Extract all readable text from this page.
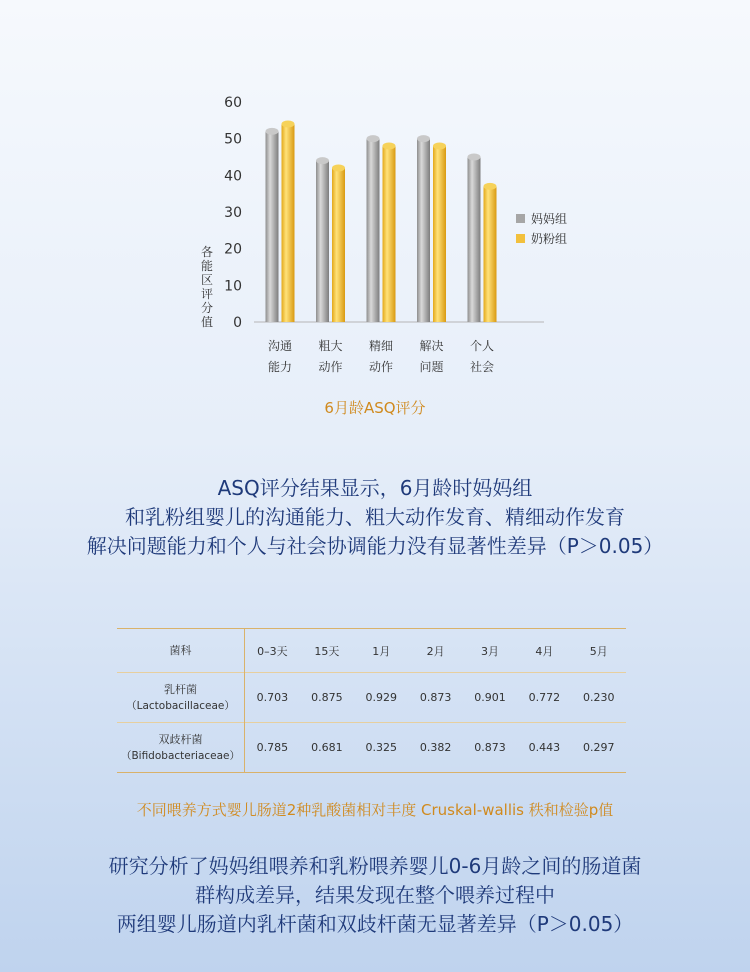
0
10
20
30
40
50
60
沟通
能力
粗大
动作
精细
动作
解决
问题
个人
社会
妈妈组
奶粉组
各能区评分值
6月龄ASQ评分

ASQ评分结果显示，6月龄时妈妈组
和乳粉组婴儿的沟通能力、粗大动作发育、精细动作发育
解决问题能力和个人与社会协调能力没有显著性差异（P＞0.05）

菌科	0–3天	15天	1月	2月	3月	4月	5月

乳杆菌
（Lactobacillaceae）	0.703	0.875	0.929	0.873	0.901	0.772	0.230

双歧杆菌
（Bifidobacteriaceae）	0.785	0.681	0.325	0.382	0.873	0.443	0.297
不同喂养方式婴儿肠道2种乳酸菌相对丰度 Cruskal-wallis 秩和检验p值

研究分析了妈妈组喂养和乳粉喂养婴儿0-6月龄之间的肠道菌
群构成差异，结果发现在整个喂养过程中
两组婴儿肠道内乳杆菌和双歧杆菌无显著差异（P＞0.05）
